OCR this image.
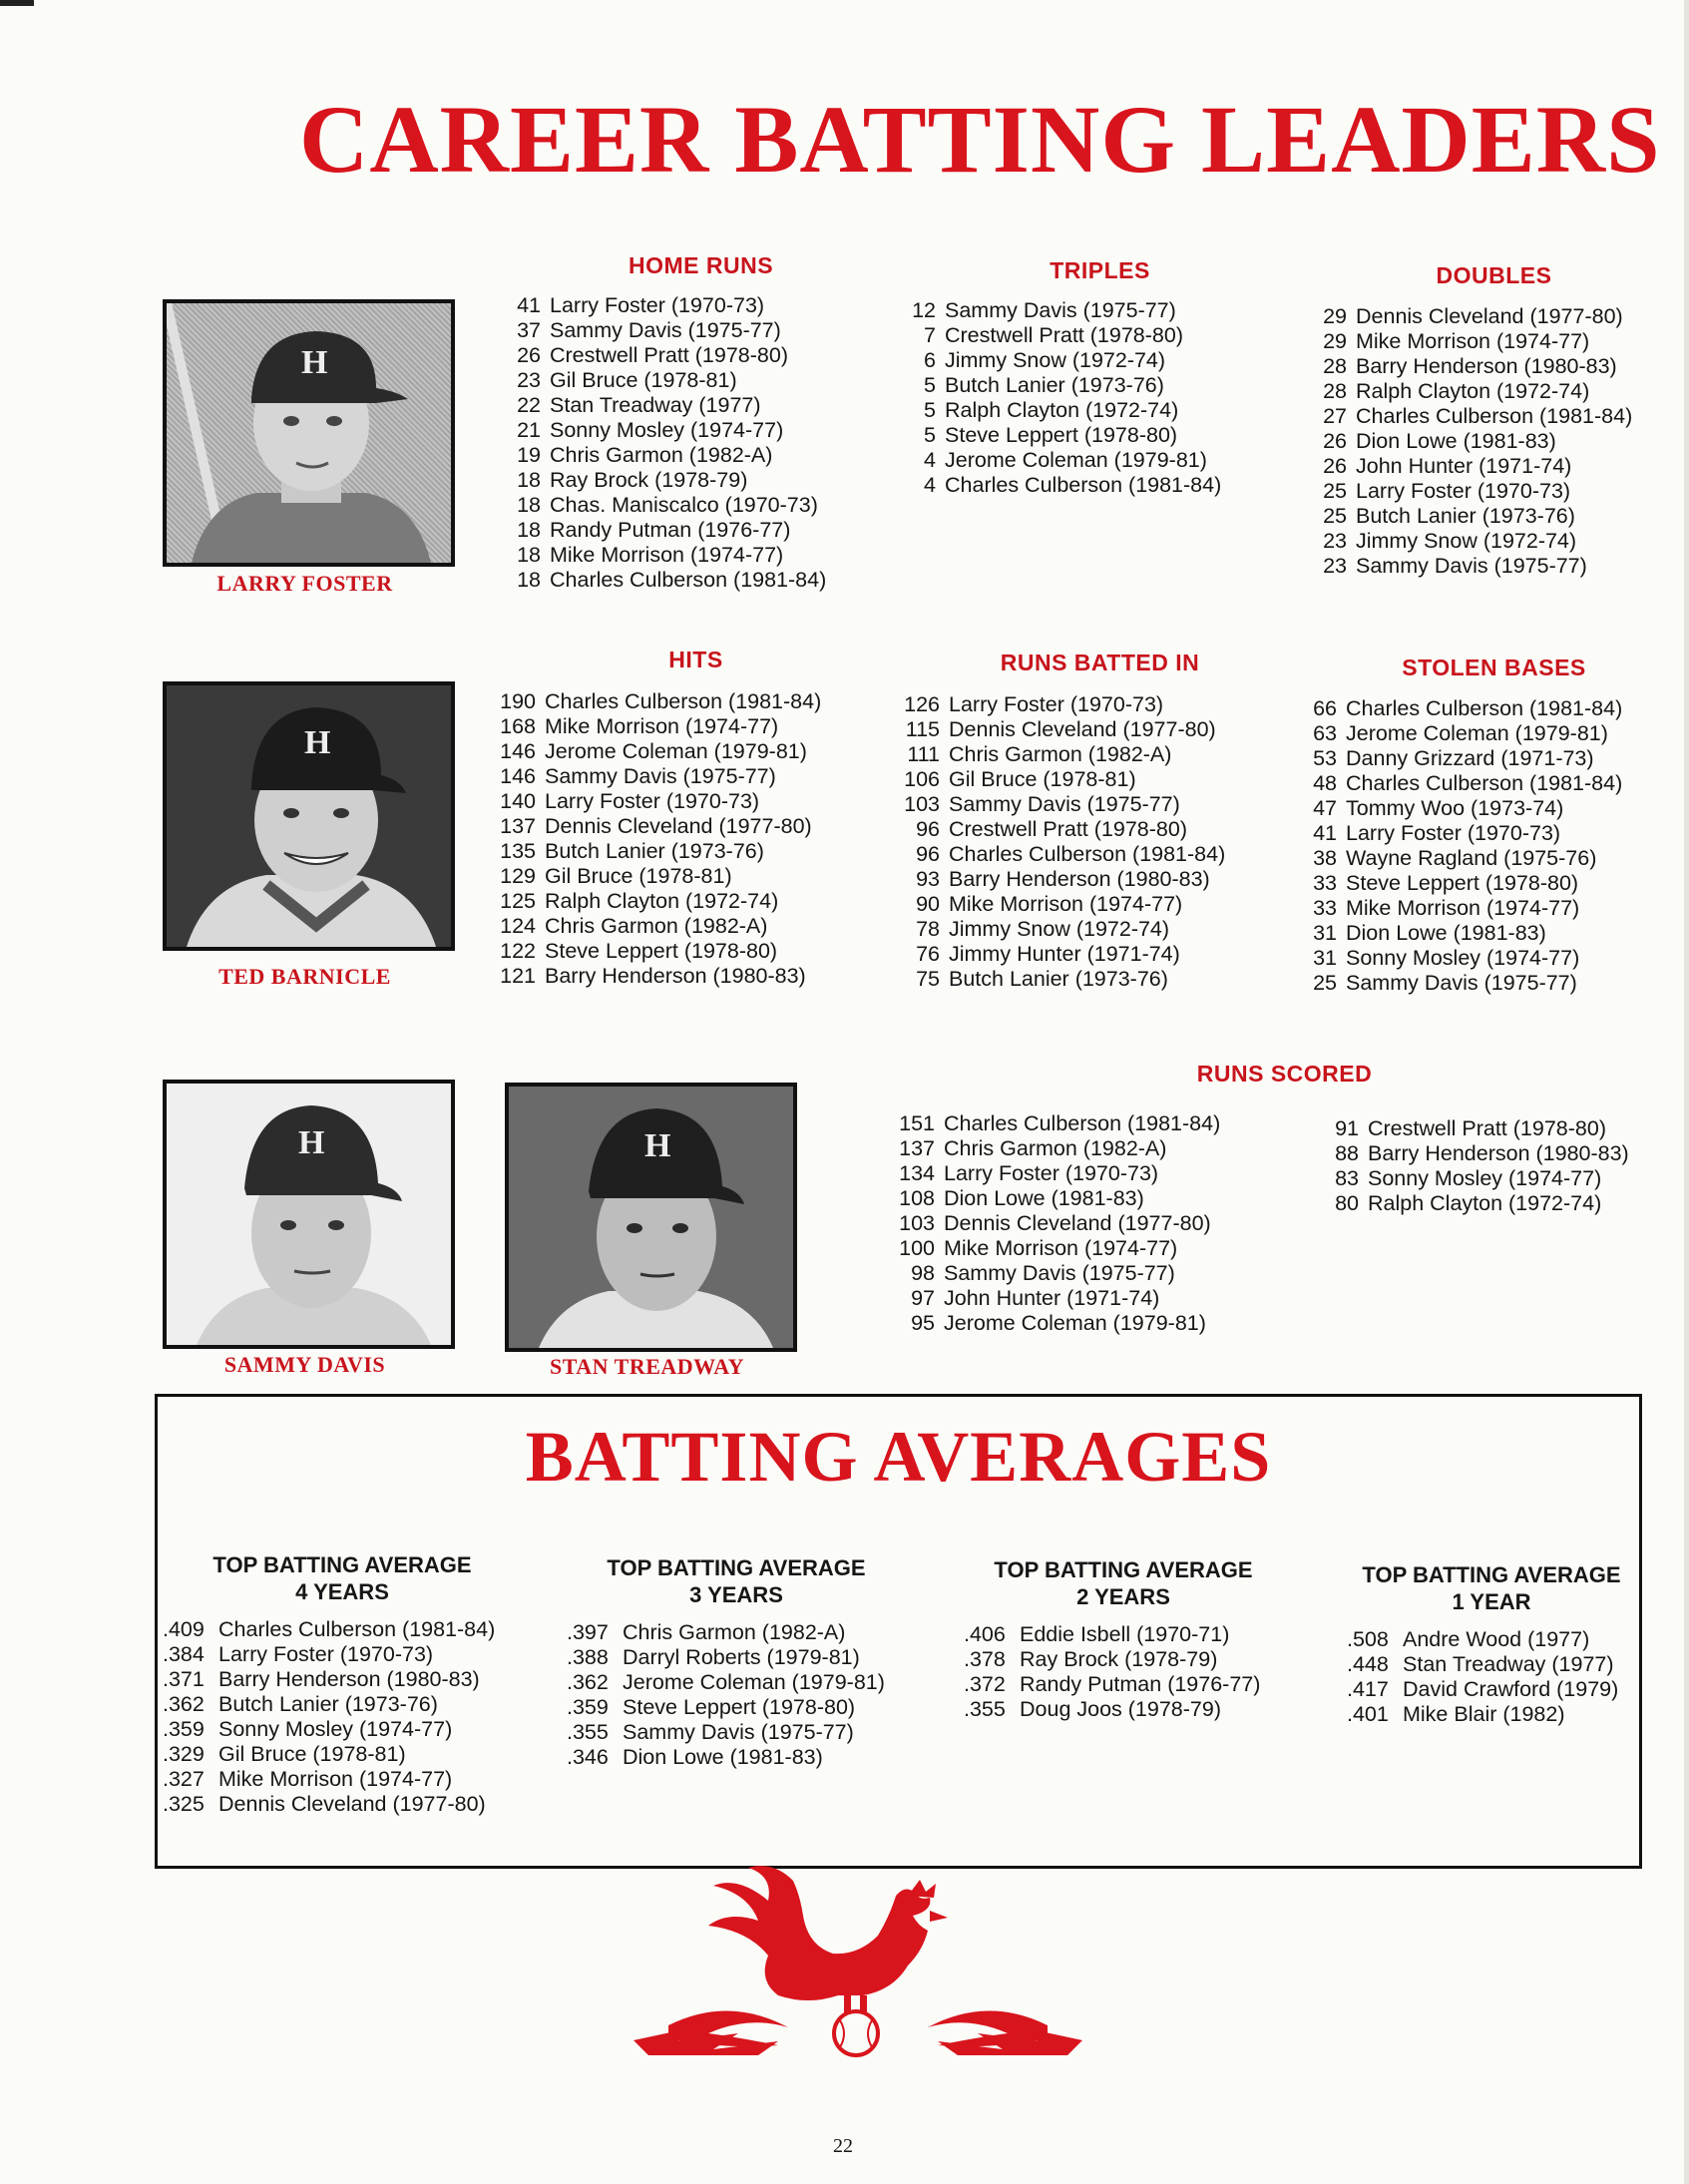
CAREER BATTING LEADERS
H
LARRY FOSTER
H
TED BARNICLE
H
SAMMY DAVIS
H
STAN TREADWAY
HOME RUNS
41 Larry Foster (1970-73)
37 Sammy Davis (1975-77)
26 Crestwell Pratt (1978-80)
23 Gil Bruce (1978-81)
22 Stan Treadway (1977)
21 Sonny Mosley (1974-77)
19 Chris Garmon (1982-A)
18 Ray Brock (1978-79)
18 Chas. Maniscalco (1970-73)
18 Randy Putman (1976-77)
18 Mike Morrison (1974-77)
18 Charles Culberson (1981-84)
TRIPLES
12 Sammy Davis (1975-77)
7 Crestwell Pratt (1978-80)
6 Jimmy Snow (1972-74)
5 Butch Lanier (1973-76)
5 Ralph Clayton (1972-74)
5 Steve Leppert (1978-80)
4 Jerome Coleman (1979-81)
4 Charles Culberson (1981-84)
DOUBLES
29 Dennis Cleveland (1977-80)
29 Mike Morrison (1974-77)
28 Barry Henderson (1980-83)
28 Ralph Clayton (1972-74)
27 Charles Culberson (1981-84)
26 Dion Lowe (1981-83)
26 John Hunter (1971-74)
25 Larry Foster (1970-73)
25 Butch Lanier (1973-76)
23 Jimmy Snow (1972-74)
23 Sammy Davis (1975-77)
HITS
190 Charles Culberson (1981-84)
168 Mike Morrison (1974-77)
146 Jerome Coleman (1979-81)
146 Sammy Davis (1975-77)
140 Larry Foster (1970-73)
137 Dennis Cleveland (1977-80)
135 Butch Lanier (1973-76)
129 Gil Bruce (1978-81)
125 Ralph Clayton (1972-74)
124 Chris Garmon (1982-A)
122 Steve Leppert (1978-80)
121 Barry Henderson (1980-83)
RUNS BATTED IN
126 Larry Foster (1970-73)
115 Dennis Cleveland (1977-80)
111 Chris Garmon (1982-A)
106 Gil Bruce (1978-81)
103 Sammy Davis (1975-77)
96 Crestwell Pratt (1978-80)
96 Charles Culberson (1981-84)
93 Barry Henderson (1980-83)
90 Mike Morrison (1974-77)
78 Jimmy Snow (1972-74)
76 Jimmy Hunter (1971-74)
75 Butch Lanier (1973-76)
STOLEN BASES
66 Charles Culberson (1981-84)
63 Jerome Coleman (1979-81)
53 Danny Grizzard (1971-73)
48 Charles Culberson (1981-84)
47 Tommy Woo (1973-74)
41 Larry Foster (1970-73)
38 Wayne Ragland (1975-76)
33 Steve Leppert (1978-80)
33 Mike Morrison (1974-77)
31 Dion Lowe (1981-83)
31 Sonny Mosley (1974-77)
25 Sammy Davis (1975-77)
RUNS SCORED
151 Charles Culberson (1981-84)
137 Chris Garmon (1982-A)
134 Larry Foster (1970-73)
108 Dion Lowe (1981-83)
103 Dennis Cleveland (1977-80)
100 Mike Morrison (1974-77)
98 Sammy Davis (1975-77)
97 John Hunter (1971-74)
95 Jerome Coleman (1979-81)
91 Crestwell Pratt (1978-80)
88 Barry Henderson (1980-83)
83 Sonny Mosley (1974-77)
80 Ralph Clayton (1972-74)
BATTING AVERAGES
TOP BATTING AVERAGE
4 YEARS
.409 Charles Culberson (1981-84)
.384 Larry Foster (1970-73)
.371 Barry Henderson (1980-83)
.362 Butch Lanier (1973-76)
.359 Sonny Mosley (1974-77)
.329 Gil Bruce (1978-81)
.327 Mike Morrison (1974-77)
.325 Dennis Cleveland (1977-80)
TOP BATTING AVERAGE
3 YEARS
.397 Chris Garmon (1982-A)
.388 Darryl Roberts (1979-81)
.362 Jerome Coleman (1979-81)
.359 Steve Leppert (1978-80)
.355 Sammy Davis (1975-77)
.346 Dion Lowe (1981-83)
TOP BATTING AVERAGE
2 YEARS
.406 Eddie Isbell (1970-71)
.378 Ray Brock (1978-79)
.372 Randy Putman (1976-77)
.355 Doug Joos (1978-79)
TOP BATTING AVERAGE
1 YEAR
.508 Andre Wood (1977)
.448 Stan Treadway (1977)
.417 David Crawford (1979)
.401 Mike Blair (1982)
22
